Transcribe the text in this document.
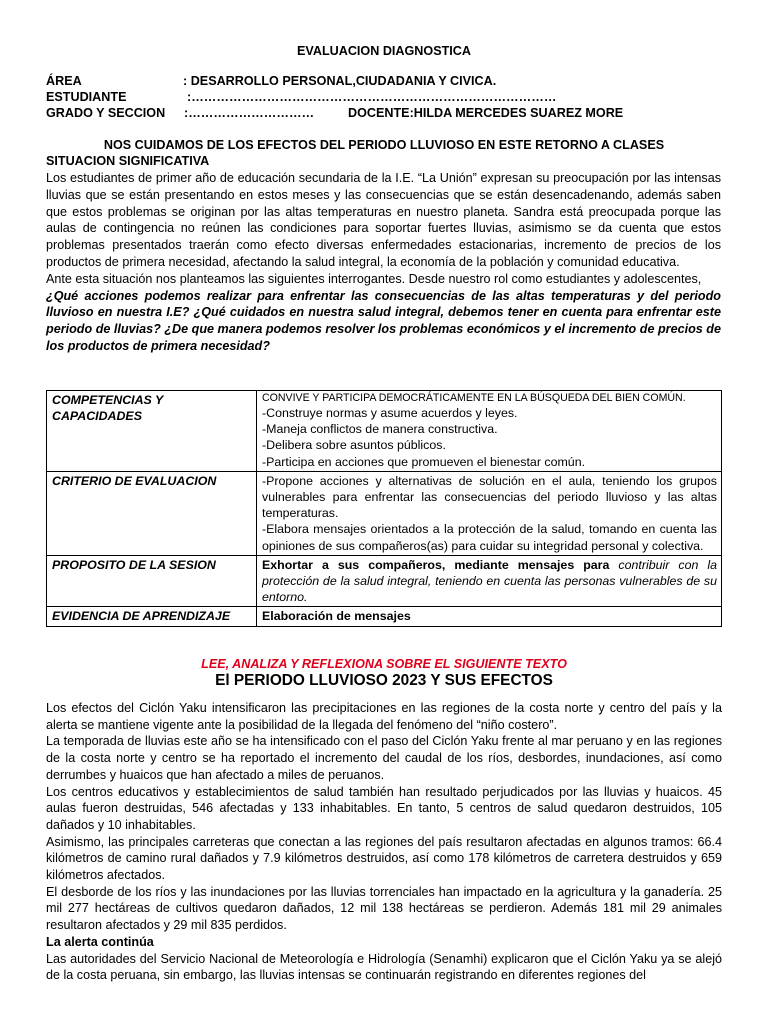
EVALUACION DIAGNOSTICA
ÁREA	: DESARROLLO PERSONAL,CIUDADANIA Y CIVICA.
ESTUDIANTE	:……………………………………………………………………………
GRADO Y SECCION :…………………………	DOCENTE:HILDA MERCEDES SUAREZ MORE
NOS CUIDAMOS DE LOS EFECTOS DEL PERIODO LLUVIOSO EN ESTE RETORNO A CLASES
SITUACION SIGNIFICATIVA

Los estudiantes de primer año de educación secundaria de la I.E. “La Unión” expresan su preocupación por las intensas lluvias que se están presentando en estos meses y las consecuencias que se están desencadenando, además saben que estos problemas se originan por las altas temperaturas en nuestro planeta. Sandra está preocupada porque las aulas de contingencia no reúnen las condiciones para soportar fuertes lluvias, asimismo se da cuenta que estos problemas presentados traerán como efecto diversas enfermedades estacionarias, incremento de precios de los productos de primera necesidad, afectando la salud integral, la economía de la población y comunidad educativa.

Ante esta situación nos planteamos las siguientes interrogantes. Desde nuestro rol como estudiantes y adolescentes,

¿Qué acciones podemos realizar para enfrentar las consecuencias de las altas temperaturas y del periodo lluvioso en nuestra I.E? ¿Qué cuidados en nuestra salud integral, debemos tener en cuenta para enfrentar este periodo de lluvias? ¿De que manera podemos resolver los problemas económicos y el incremento de precios de los productos de primera necesidad?

COMPETENCIAS Y CAPACIDADES	CONVIVE Y PARTICIPA DEMOCRÁTICAMENTE EN LA BÚSQUEDA DEL BIEN COMÚN.
-Construye normas y asume acuerdos y leyes.
-Maneja conflictos de manera constructiva.
-Delibera sobre asuntos públicos.
-Participa en acciones que promueven el bienestar común.

CRITERIO DE EVALUACION	-Propone acciones y alternativas de solución en el aula, teniendo los grupos vulnerables para enfrentar las consecuencias del periodo lluvioso y las altas temperaturas.

-Elabora mensajes orientados a la protección de la salud, tomando en cuenta las opiniones de sus compañeros(as) para cuidar su integridad personal y colectiva.

PROPOSITO DE LA SESION	Exhortar a sus compañeros, mediante mensajes para contribuir con la protección de la salud integral, teniendo en cuenta las personas vulnerables de su entorno.
EVIDENCIA DE APRENDIZAJE	Elaboración de mensajes
LEE, ANALIZA Y REFLEXIONA SOBRE EL SIGUIENTE TEXTO
El PERIODO LLUVIOSO 2023 Y SUS EFECTOS

Los efectos del Ciclón Yaku intensificaron las precipitaciones en las regiones de la costa norte y centro del país y la alerta se mantiene vigente ante la posibilidad de la llegada del fenómeno del “niño costero”.

La temporada de lluvias este año se ha intensificado con el paso del Ciclón Yaku frente al mar peruano y en las regiones de la costa norte y centro se ha reportado el incremento del caudal de los ríos, desbordes, inundaciones, así como derrumbes y huaicos que han afectado a miles de peruanos.

Los centros educativos y establecimientos de salud también han resultado perjudicados por las lluvias y huaicos. 45 aulas fueron destruidas, 546 afectadas y 133 inhabitables. En tanto, 5 centros de salud quedaron destruidos, 105 dañados y 10 inhabitables.

Asimismo, las principales carreteras que conectan a las regiones del país resultaron afectadas en algunos tramos: 66.4 kilómetros de camino rural dañados y 7.9 kilómetros destruidos, así como 178 kilómetros de carretera destruidos y 659 kilómetros afectados.

El desborde de los ríos y las inundaciones por las lluvias torrenciales han impactado en la agricultura y la ganadería. 25 mil 277 hectáreas de cultivos quedaron dañados, 12 mil 138 hectáreas se perdieron. Además 181 mil 29 animales resultaron afectados y 29 mil 835 perdidos.

La alerta continúa

Las autoridades del Servicio Nacional de Meteorología e Hidrología (Senamhi) explicaron que el Ciclón Yaku ya se alejó de la costa peruana, sin embargo, las lluvias intensas se continuarán registrando en diferentes regiones del
